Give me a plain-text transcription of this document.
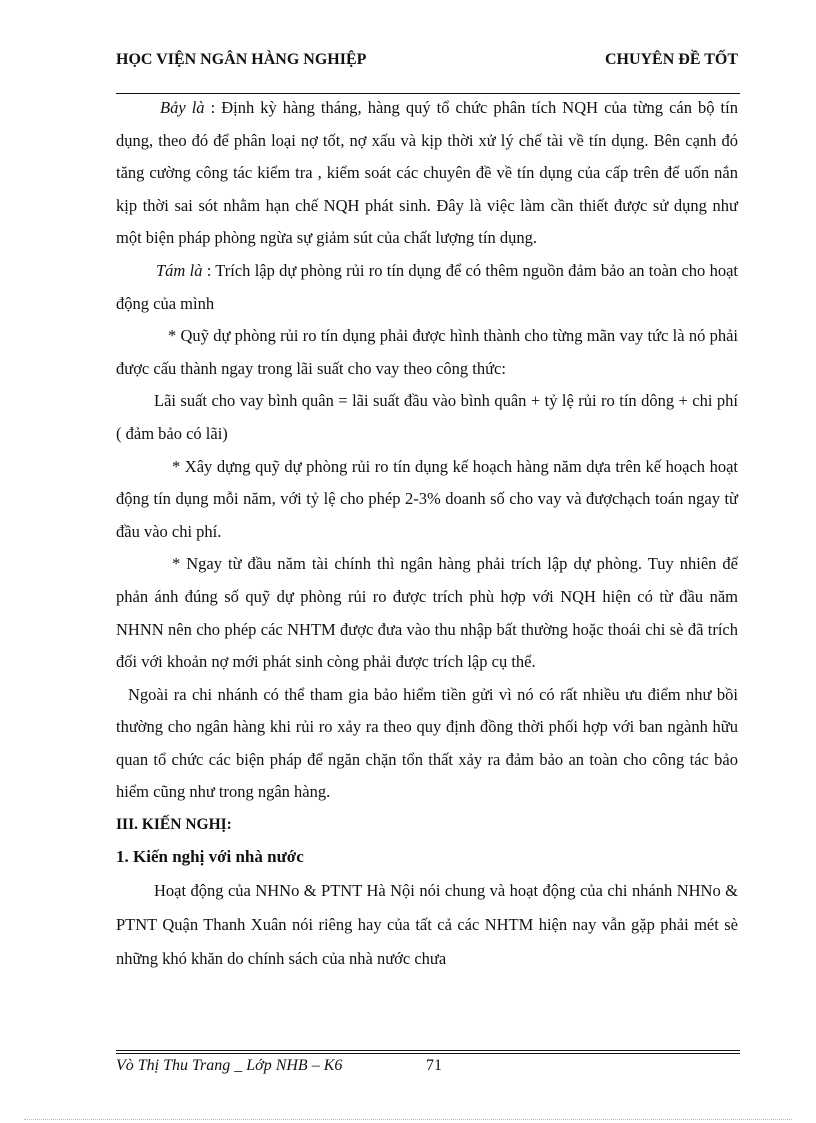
HỌC VIỆN NGÂN HÀNG NGHIỆP	CHUYÊN ĐỀ TỐT

Bảy là : Định kỳ hàng tháng, hàng quý tổ chức phân tích NQH của từng cán bộ tín dụng, theo đó để phân loại nợ tốt, nợ xấu và kịp thời xử lý chế tài về tín dụng. Bên cạnh đó tăng cường công tác kiểm tra , kiểm soát các chuyên đề về tín dụng của cấp trên để uốn nắn kịp thời sai sót nhằm hạn chế NQH phát sinh. Đây là việc làm cần thiết được sử dụng như một biện pháp phòng ngừa sự giảm sút của chất lượng tín dụng.

Tám là : Trích lập dự phòng rủi ro tín dụng để có thêm nguồn đảm bảo an toàn cho hoạt động của mình

* Quỹ dự phòng rủi ro tín dụng phải được hình thành cho từng mãn vay tức là nó phải được cấu thành ngay trong lãi suất cho vay theo công thức:

Lãi suất cho vay bình quân = lãi suất đầu vào bình quân + tỷ lệ rủi ro tín dông + chi phí ( đảm bảo có lãi)

* Xây dựng quỹ dự phòng rủi ro tín dụng kế hoạch hàng năm dựa trên kế hoạch hoạt động tín dụng mỗi năm, với tỷ lệ cho phép 2-3% doanh số cho vay và đượchạch toán ngay từ đầu vào chi phí.

* Ngay từ đầu năm tài chính thì ngân hàng phải trích lập dự phòng. Tuy nhiên để phản ánh đúng số quỹ dự phòng rủi ro được trích phù hợp với NQH hiện có từ đầu năm NHNN nên cho phép các NHTM được đưa vào thu nhập bất thường hoặc thoái chi sè đã trích đối với khoản nợ mới phát sinh còng phải được trích lập cụ thể.

Ngoài ra chi nhánh có thể tham gia bảo hiểm tiền gửi vì nó có rất nhiều ưu điểm như bồi thường cho ngân hàng khi rủi ro xảy ra theo quy định đồng thời phối hợp với ban ngành hữu quan tổ chức các biện pháp để ngăn chặn tổn thất xảy ra đảm bảo an toàn cho công tác bảo hiểm cũng như trong ngân hàng.

III. KIẾN NGHỊ:

1. Kiến nghị với nhà nước

Hoạt động của NHNo & PTNT Hà Nội nói chung và hoạt động của chi nhánh NHNo & PTNT Quận Thanh Xuân nói riêng hay của tất cả các NHTM hiện nay vẫn gặp phải mét sè những khó khăn do chính sách của nhà nước chưa

Vò Thị Thu Trang _ Lớp NHB – K6	71
